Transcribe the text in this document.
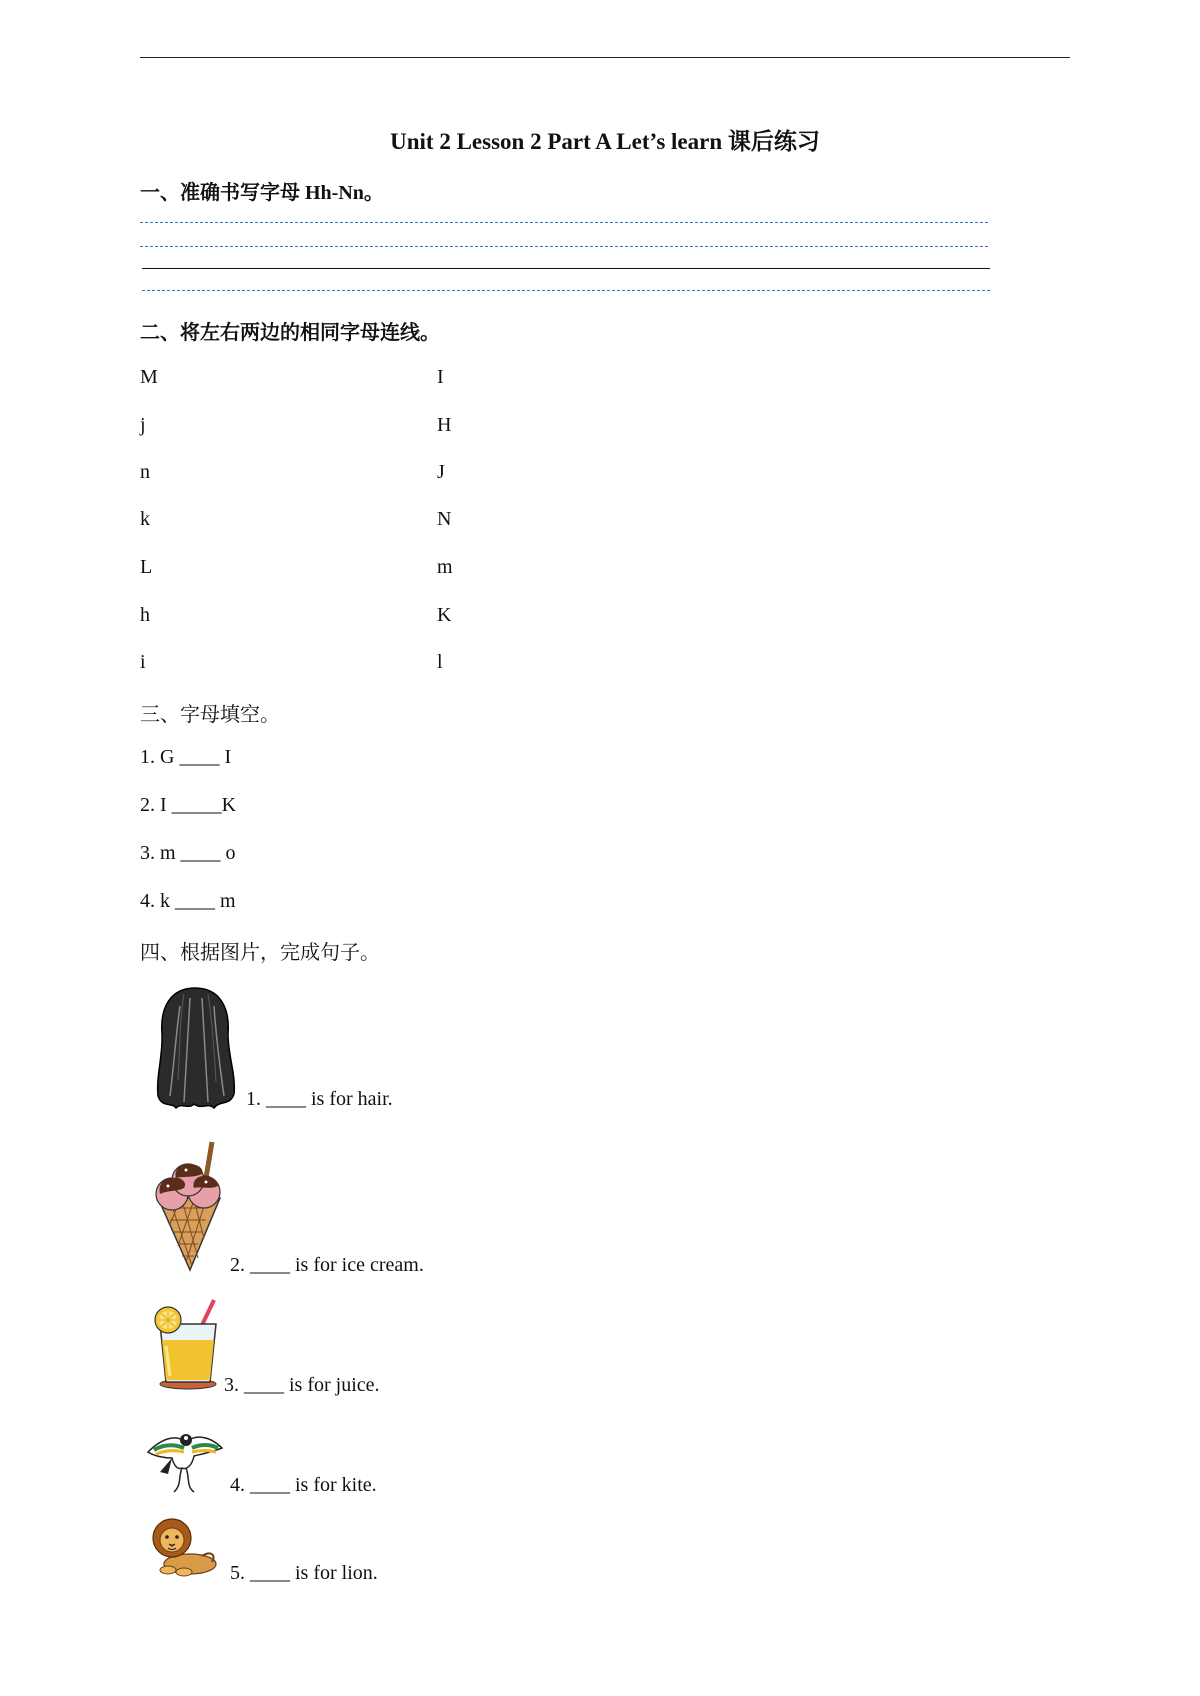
Unit 2 Lesson 2 Part A Let’s learn 课后练习
一、准确书写字母 Hh-Nn。
二、将左右两边的相同字母连线。
M
j
n
k
L
h
i
I
H
J
N
m
K
l
三、字母填空。
1. G ____ I
2. I _____K
3. m ____ o
4. k ____ m
四、根据图片，完成句子。
1. ____ is for hair.
2. ____ is for ice cream.
3. ____ is for juice.
4. ____ is for kite.
5. ____ is for lion.
